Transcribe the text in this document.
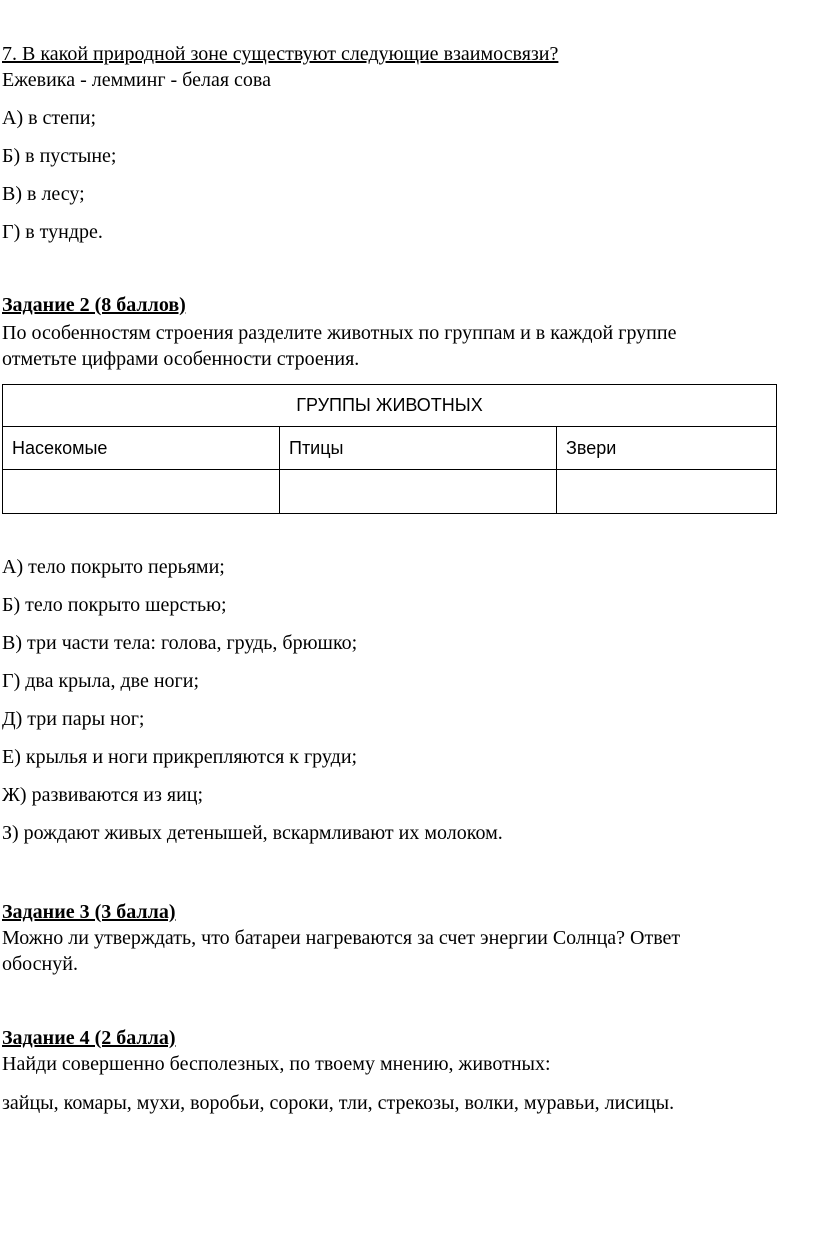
7. В какой природной зоне существуют следующие взаимосвязи?
Ежевика - лемминг - белая сова
А) в степи;
Б) в пустыне;
В) в лесу;
Г) в тундре.
Задание 2 (8 баллов)
По особенностям строения разделите животных по группам и в каждой группе
отметьте цифрами особенности строения.
ГРУППЫ ЖИВОТНЫХ		
Насекомые	Птицы	Звери

А) тело покрыто перьями;
Б) тело покрыто шерстью;
В) три части тела: голова, грудь, брюшко;
Г) два крыла, две ноги;
Д) три пары ног;
Е) крылья и ноги прикрепляются к груди;
Ж) развиваются из яиц;
З) рождают живых детенышей, вскармливают их молоком.
Задание 3 (3 балла)
Можно ли утверждать, что батареи нагреваются за счет энергии Солнца? Ответ
обоснуй.
Задание 4 (2 балла)
Найди совершенно бесполезных, по твоему мнению, животных:
зайцы, комары, мухи, воробьи, сороки, тли, стрекозы, волки, муравьи, лисицы.
